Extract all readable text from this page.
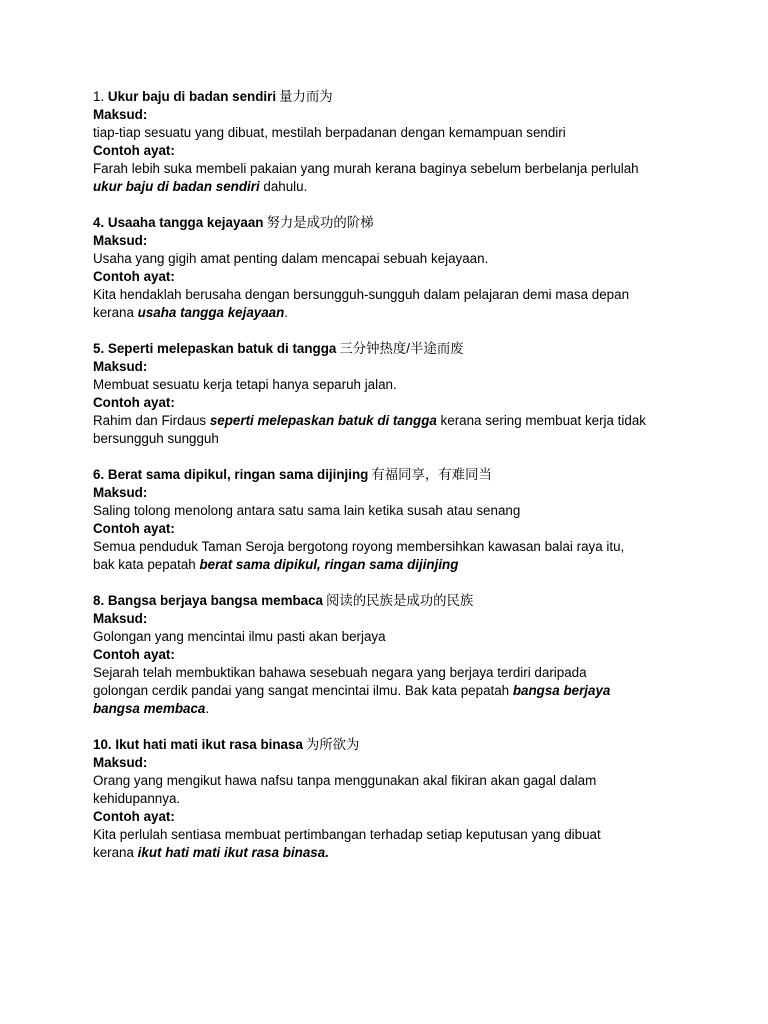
1. Ukur baju di badan sendiri 量力而为

Maksud:

tiap-tiap sesuatu yang dibuat, mestilah berpadanan dengan kemampuan sendiri

Contoh ayat:

Farah lebih suka membeli pakaian yang murah kerana baginya sebelum berbelanja perlulah

ukur baju di badan sendiri dahulu.

4. Usaaha tangga kejayaan 努力是成功的阶梯

Maksud:

Usaha yang gigih amat penting dalam mencapai sebuah kejayaan.

Contoh ayat:

Kita hendaklah berusaha dengan bersungguh-sungguh dalam pelajaran demi masa depan

kerana usaha tangga kejayaan.

5. Seperti melepaskan batuk di tangga 三分钟热度/半途而废

Maksud:

Membuat sesuatu kerja tetapi hanya separuh jalan.

Contoh ayat:

Rahim dan Firdaus seperti melepaskan batuk di tangga kerana sering membuat kerja tidak

bersungguh sungguh

6. Berat sama dipikul, ringan sama dijinjing 有福同享，有难同当

Maksud:

Saling tolong menolong antara satu sama lain ketika susah atau senang

Contoh ayat:

Semua penduduk Taman Seroja bergotong royong membersihkan kawasan balai raya itu,

bak kata pepatah berat sama dipikul, ringan sama dijinjing

8. Bangsa berjaya bangsa membaca 阅读的民族是成功的民族

Maksud:

Golongan yang mencintai ilmu pasti akan berjaya

Contoh ayat:

Sejarah telah membuktikan bahawa sesebuah negara yang berjaya terdiri daripada

golongan cerdik pandai yang sangat mencintai ilmu. Bak kata pepatah bangsa berjaya

bangsa membaca.

10. Ikut hati mati ikut rasa binasa 为所欲为

Maksud:

Orang yang mengikut hawa nafsu tanpa menggunakan akal fikiran akan gagal dalam

kehidupannya.

Contoh ayat:

Kita perlulah sentiasa membuat pertimbangan terhadap setiap keputusan yang dibuat

kerana ikut hati mati ikut rasa binasa.
